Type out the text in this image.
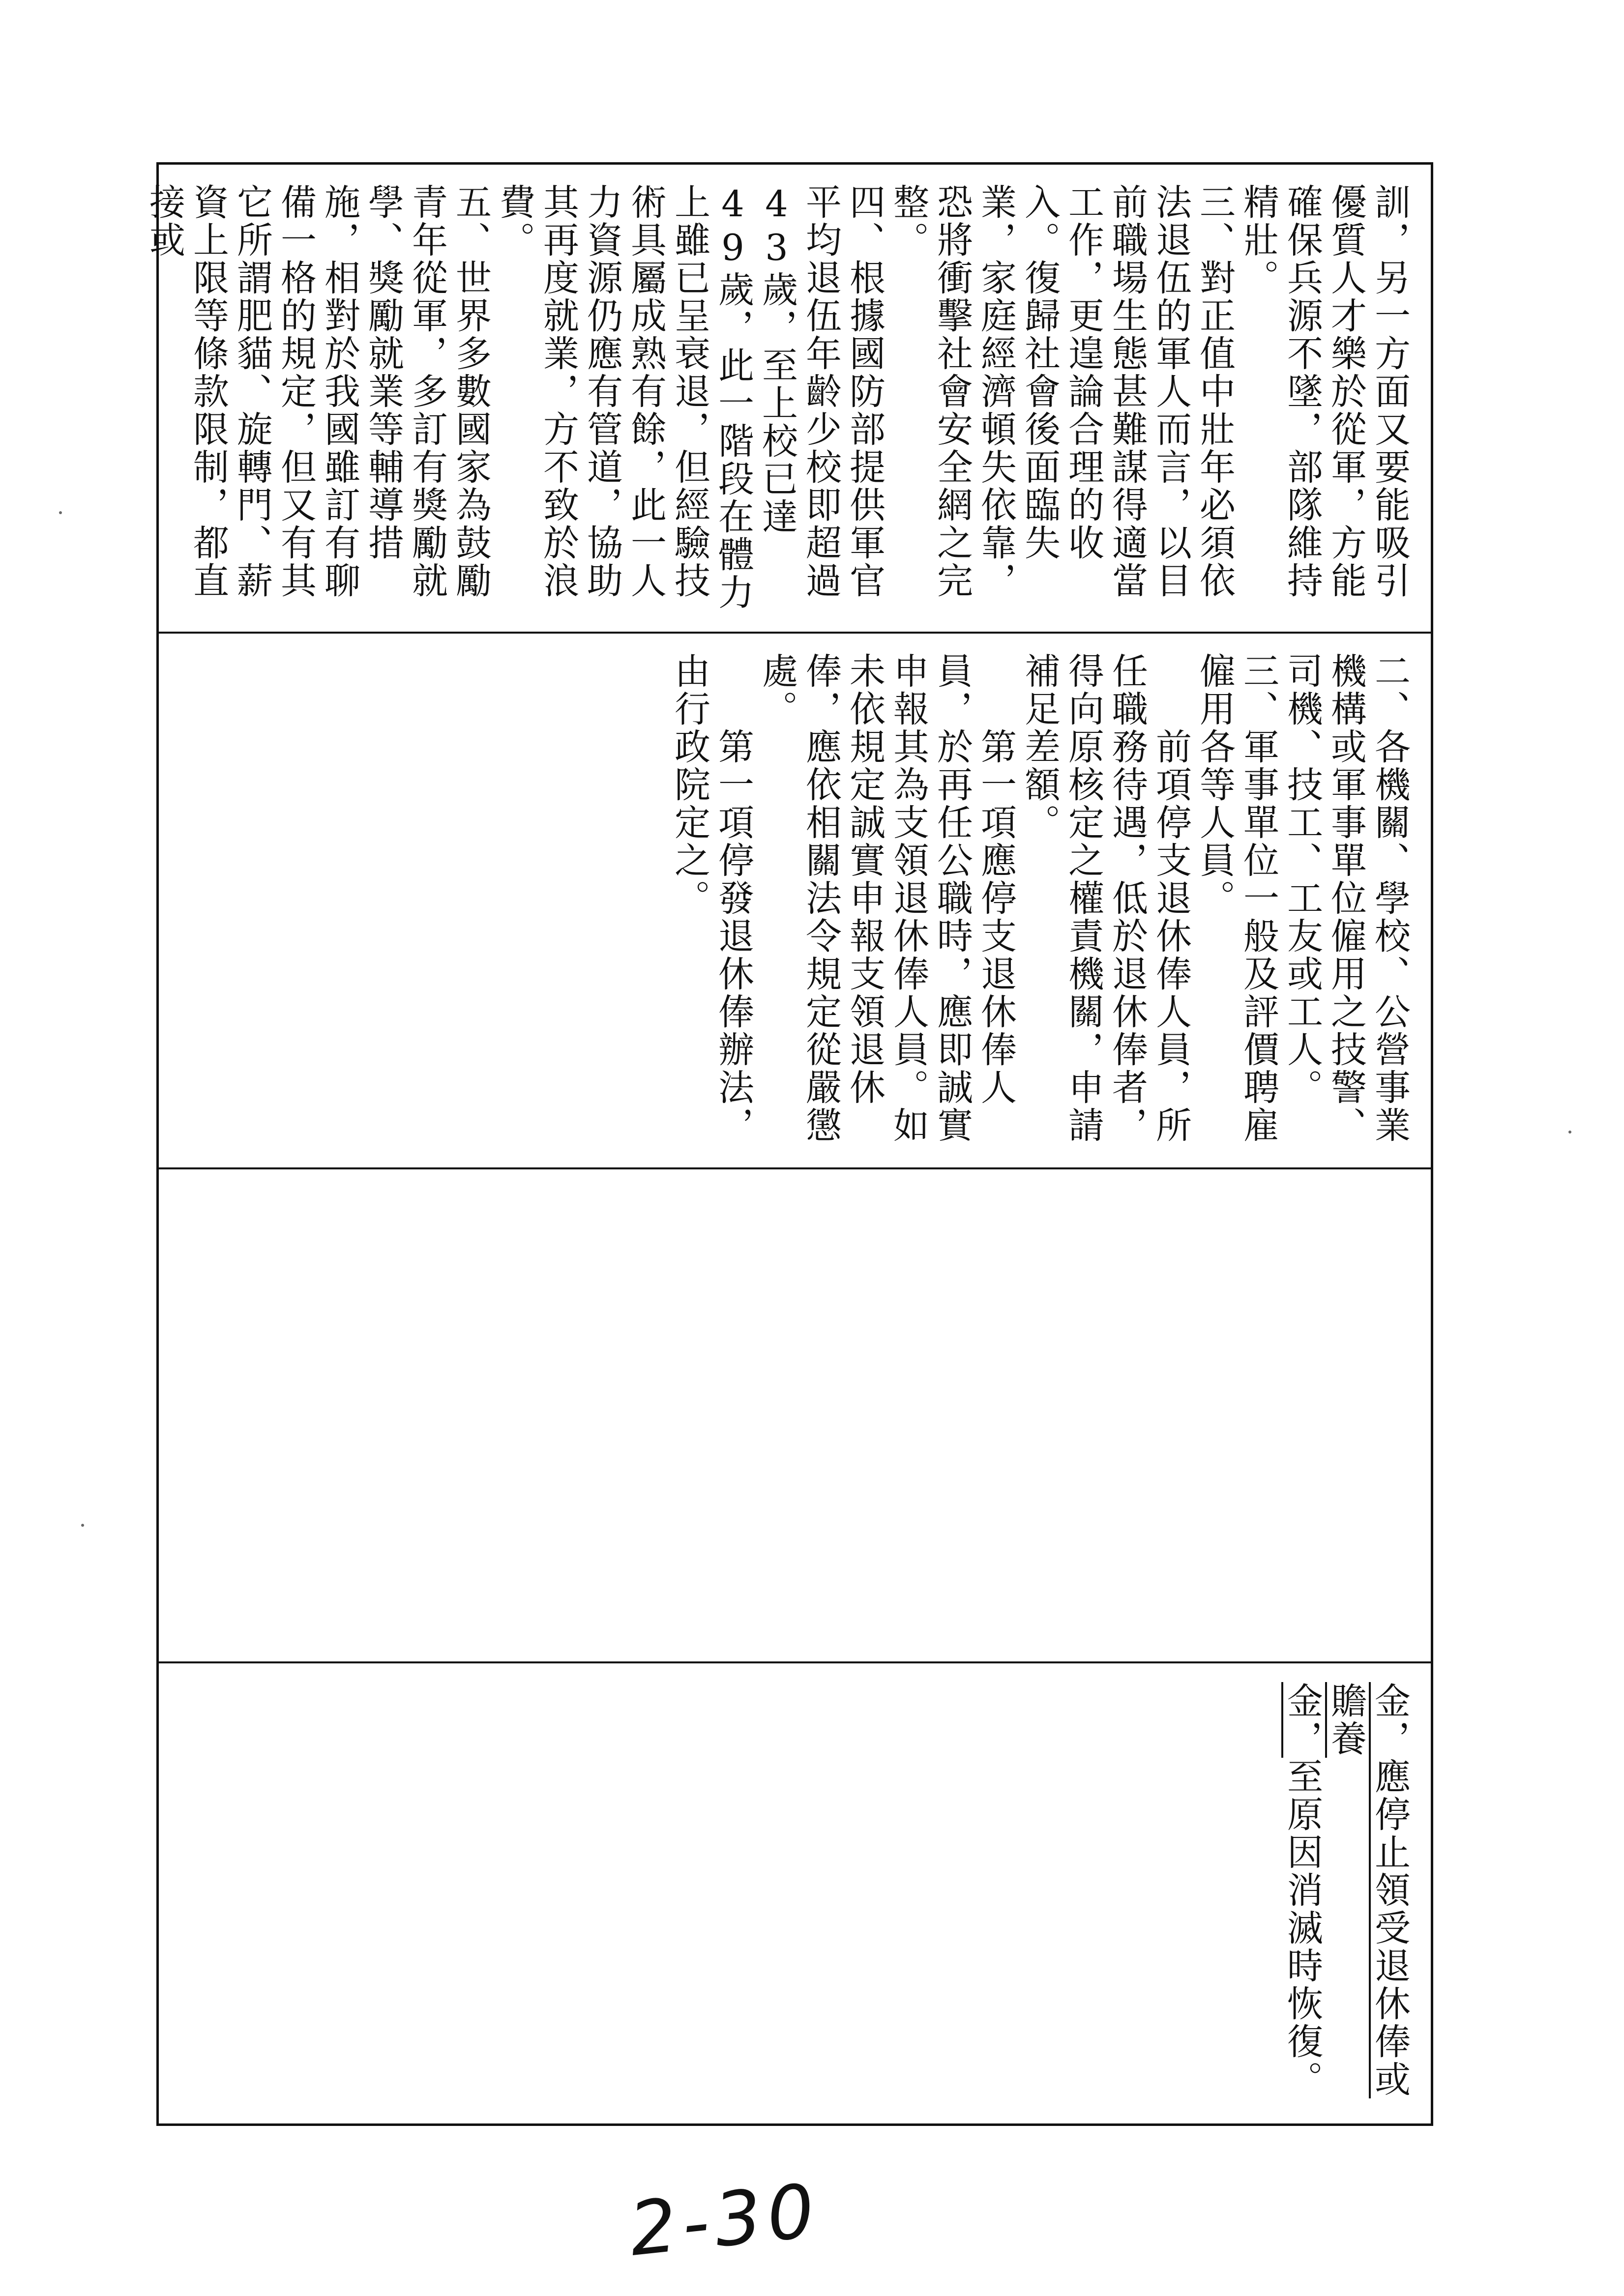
訓，另一方面又要能吸引優質人才樂於從軍，方能確保兵源不墜，部隊維持精壯。

三、對正值中壯年必須依法退伍的軍人而言，以目前職場生態甚難謀得適當工作，更遑論合理的收入。復歸社會後面臨失業，家庭經濟頓失依靠，恐將衝擊社會安全網之完整。

四、根據國防部提供軍官平均退伍年齡少校即超過43歲，至上校已達49歲，此一階段在體力上雖已呈衰退，但經驗技術具屬成熟有餘，此一人力資源仍應有管道，協助其再度就業，方不致於浪費。

五、世界多數國家為鼓勵青年從軍，多訂有獎勵就學、獎勵就業等輔導措施，相對於我國雖訂有聊備一格的規定，但又有其它所謂肥貓、旋轉門、薪資上限等條款限制，都直接或

二、各機關、學校、公營事業機構或軍事單位僱用之技警、司機、技工、工友或工人。

三、軍事單位一般及評價聘雇僱用各等人員。

　　前項停支退休俸人員，所任職務待遇，低於退休俸者，得向原核定之權責機關，申請補足差額。

　　第一項應停支退休俸人員，於再任公職時，應即誠實申報其為支領退休俸人員。如未依規定誠實申報支領退休俸，應依相關法令規定從嚴懲處。

　　第一項停發退休俸辦法，由行政院定之。

金，應停止領受退休俸或贍養

金，至原因消滅時恢復。

2-30
